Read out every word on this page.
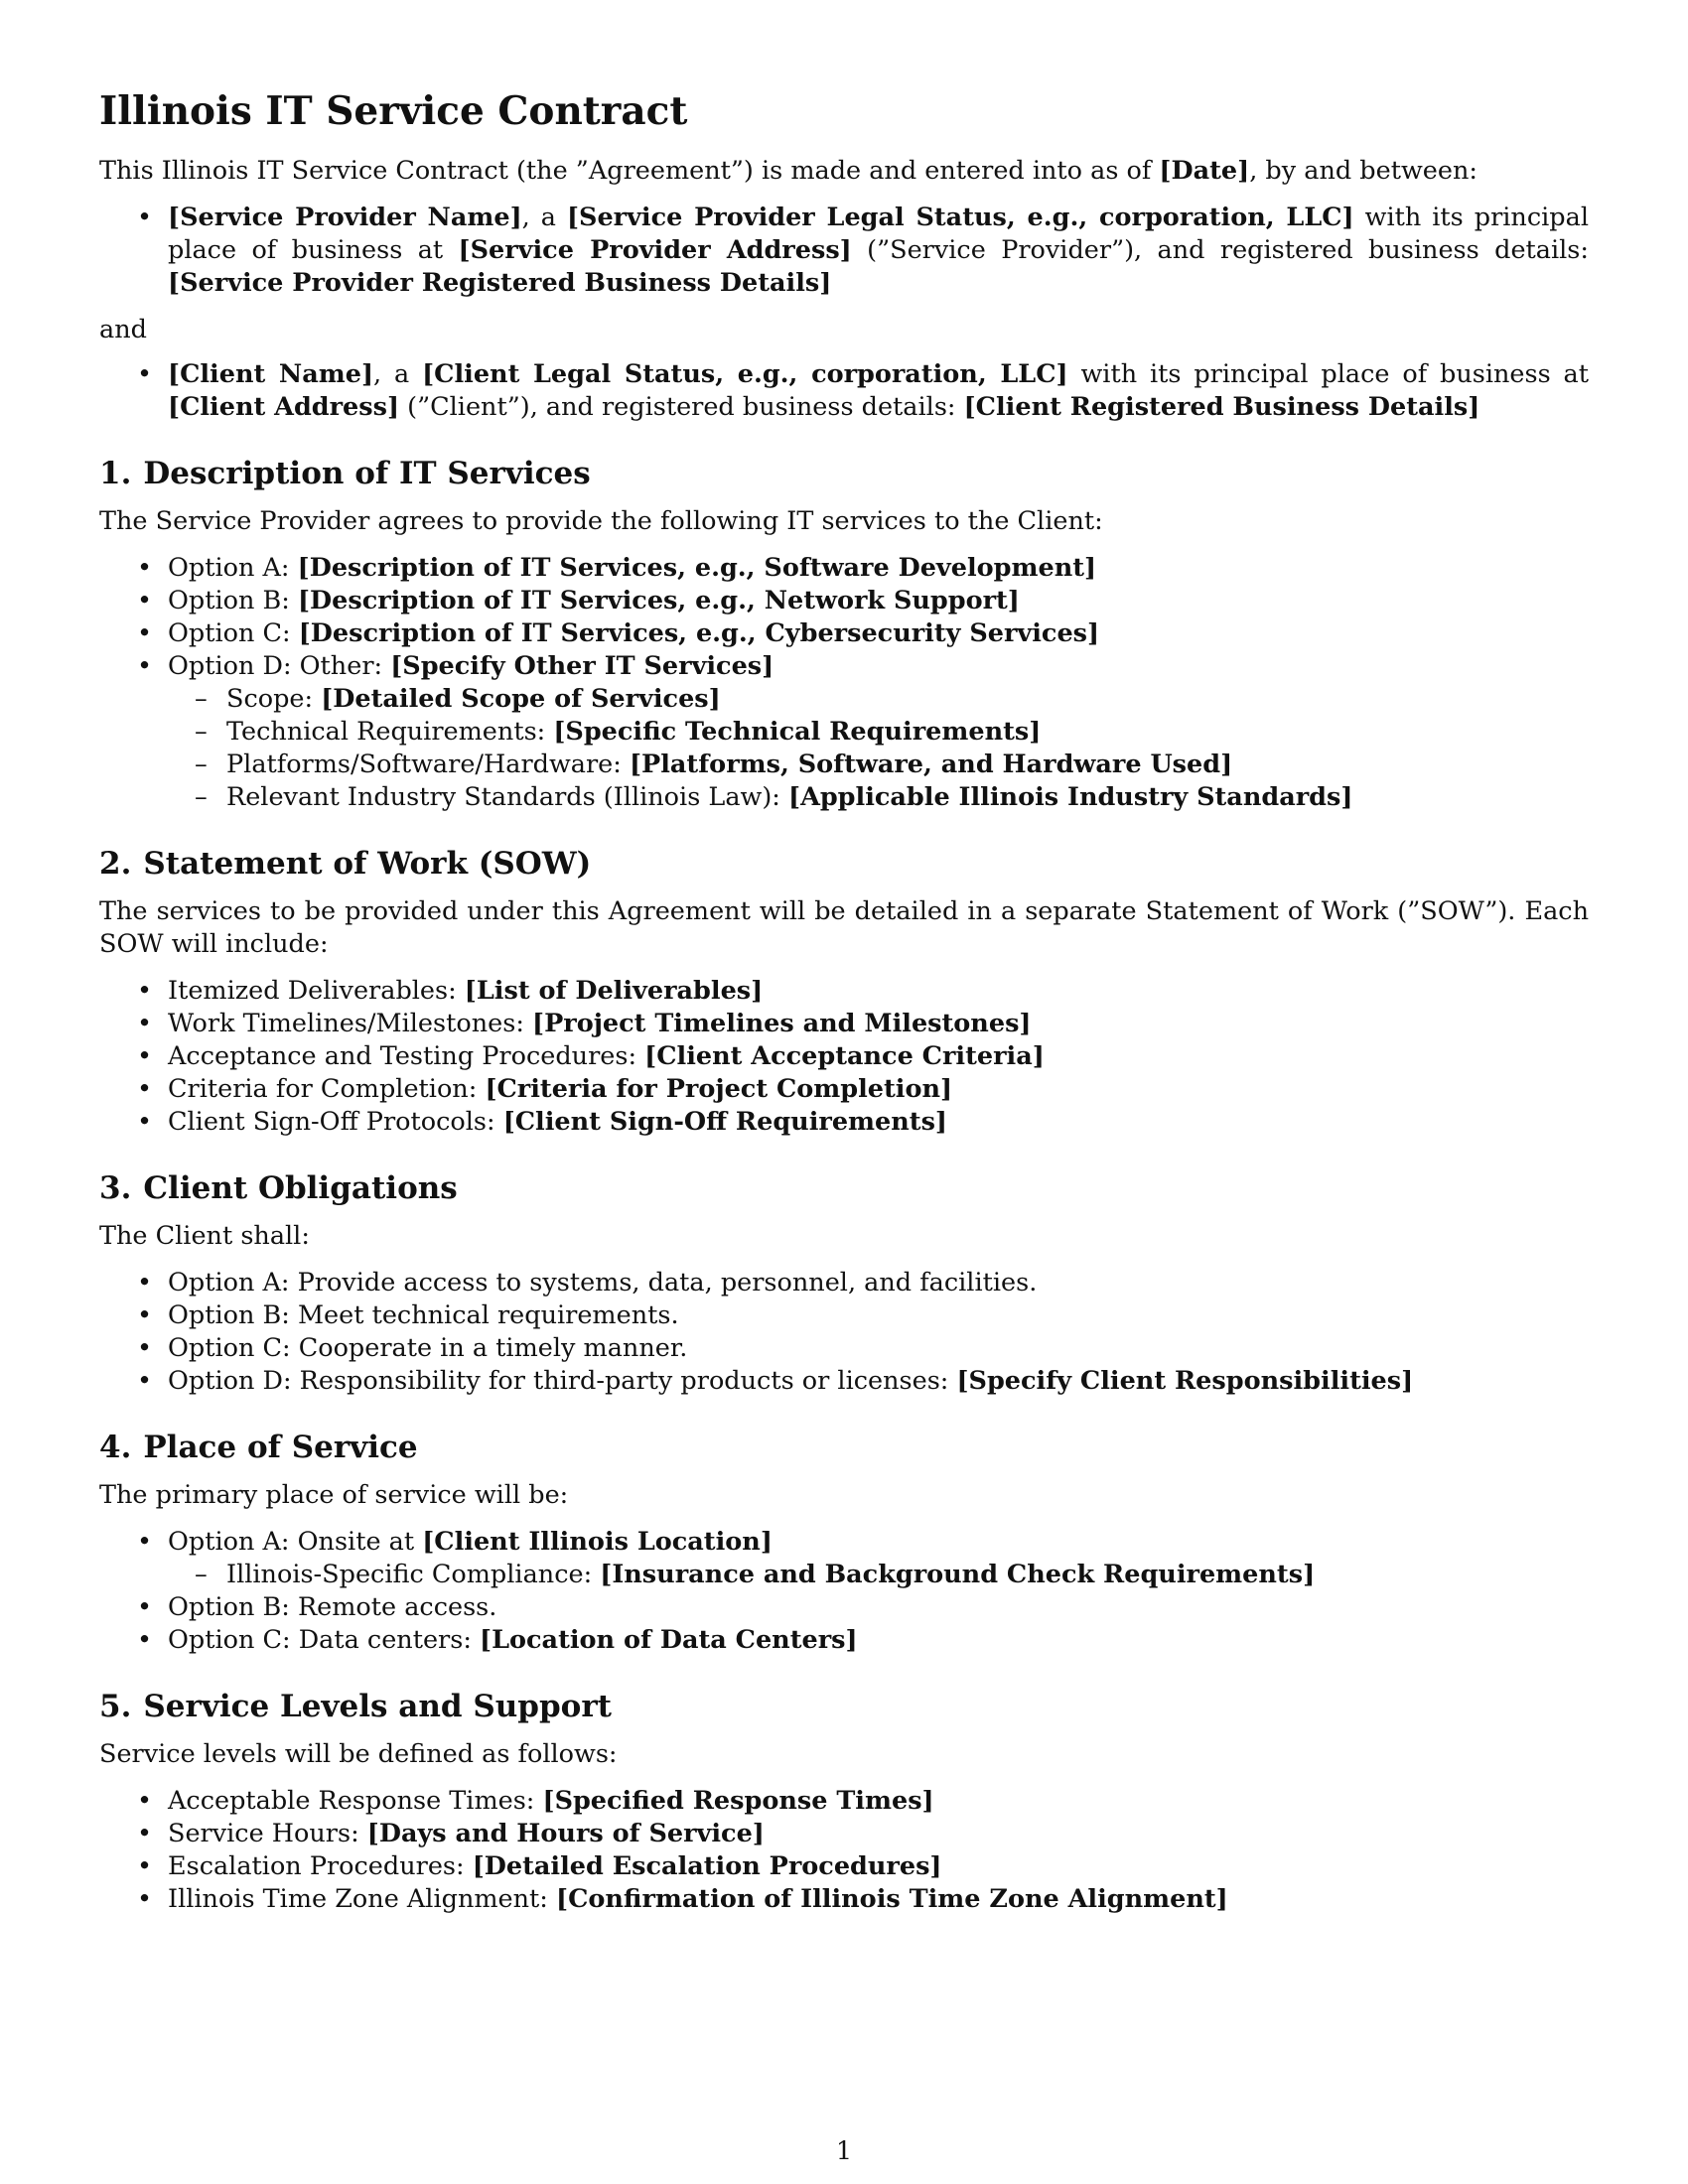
Illinois IT Service Contract

This Illinois IT Service Contract (the ”Agreement”) is made and entered into as of [Date], by and between:

• [Service Provider Name], a [Service Provider Legal Status, e.g., corporation, LLC] with its principal place of business at [Service Provider Address] (”Service Provider”), and registered business details: [Service Provider Registered Business Details]

and

• [Client Name], a [Client Legal Status, e.g., corporation, LLC] with its principal place of business at [Client Address] (”Client”), and registered business details: [Client Registered Business Details]
1. Description of IT Services

The Service Provider agrees to provide the following IT services to the Client:

• Option A: [Description of IT Services, e.g., Software Development]
• Option B: [Description of IT Services, e.g., Network Support]
• Option C: [Description of IT Services, e.g., Cybersecurity Services]
• Option D: Other: [Specify Other IT Services]
– Scope: [Detailed Scope of Services]
– Technical Requirements: [Specific Technical Requirements]
– Platforms/Software/Hardware: [Platforms, Software, and Hardware Used]
– Relevant Industry Standards (Illinois Law): [Applicable Illinois Industry Standards]
2. Statement of Work (SOW)

The services to be provided under this Agreement will be detailed in a separate Statement of Work (”SOW”). Each SOW will include:

• Itemized Deliverables: [List of Deliverables]
• Work Timelines/Milestones: [Project Timelines and Milestones]
• Acceptance and Testing Procedures: [Client Acceptance Criteria]
• Criteria for Completion: [Criteria for Project Completion]
• Client Sign-Off Protocols: [Client Sign-Off Requirements]
3. Client Obligations

The Client shall:

• Option A: Provide access to systems, data, personnel, and facilities.
• Option B: Meet technical requirements.
• Option C: Cooperate in a timely manner.
• Option D: Responsibility for third-party products or licenses: [Specify Client Responsibilities]
4. Place of Service

The primary place of service will be:

• Option A: Onsite at [Client Illinois Location]
– Illinois-Specific Compliance: [Insurance and Background Check Requirements]
• Option B: Remote access.
• Option C: Data centers: [Location of Data Centers]
5. Service Levels and Support

Service levels will be defined as follows:

• Acceptable Response Times: [Specified Response Times]
• Service Hours: [Days and Hours of Service]
• Escalation Procedures: [Detailed Escalation Procedures]
• Illinois Time Zone Alignment: [Confirmation of Illinois Time Zone Alignment]
1
